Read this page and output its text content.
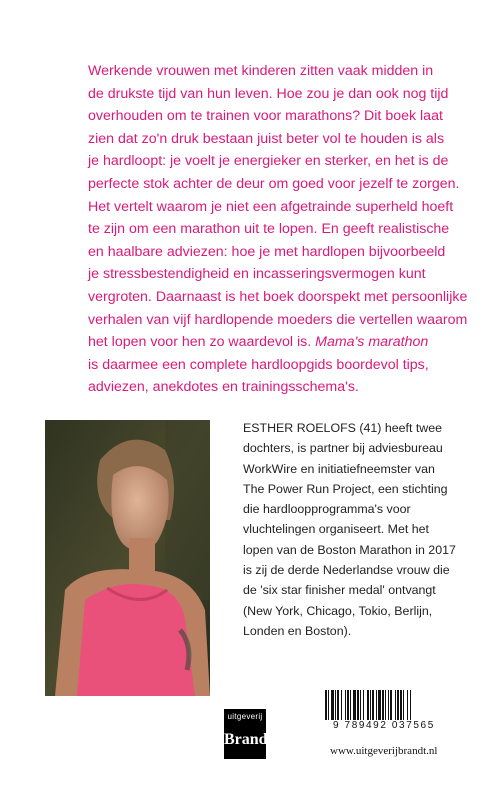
Werkende vrouwen met kinderen zitten vaak midden in
de drukste tijd van hun leven. Hoe zou je dan ook nog tijd
overhouden om te trainen voor marathons? Dit boek laat
zien dat zo'n druk bestaan juist beter vol te houden is als
je hardloopt: je voelt je energieker en sterker, en het is de
perfecte stok achter de deur om goed voor jezelf te zorgen.
Het vertelt waarom je niet een afgetrainde superheld hoeft
te zijn om een marathon uit te lopen. En geeft realistische
en haalbare adviezen: hoe je met hardlopen bijvoorbeeld
je stressbestendigheid en incasseringsvermogen kunt
vergroten. Daarnaast is het boek doorspekt met persoonlijke
verhalen van vijf hardlopende moeders die vertellen waarom
het lopen voor hen zo waardevol is. Mama's marathon
is daarmee een complete hardloopgids boordevol tips,
adviezen, anekdotes en trainingsschema's.
ESTHER ROELOFS (41) heeft twee
dochters, is partner bij adviesbureau
WorkWire en initiatiefneemster van
The Power Run Project, een stichting
die hardloopprogramma's voor
vluchtelingen organiseert. Met het
lopen van de Boston Marathon in 2017
is zij de derde Nederlandse vrouw die
de 'six star finisher medal' ontvangt
(New York, Chicago, Tokio, Berlijn,
Londen en Boston).
uitgeverij
Brandt
9 789492 037565
www.uitgeverijbrandt.nl
